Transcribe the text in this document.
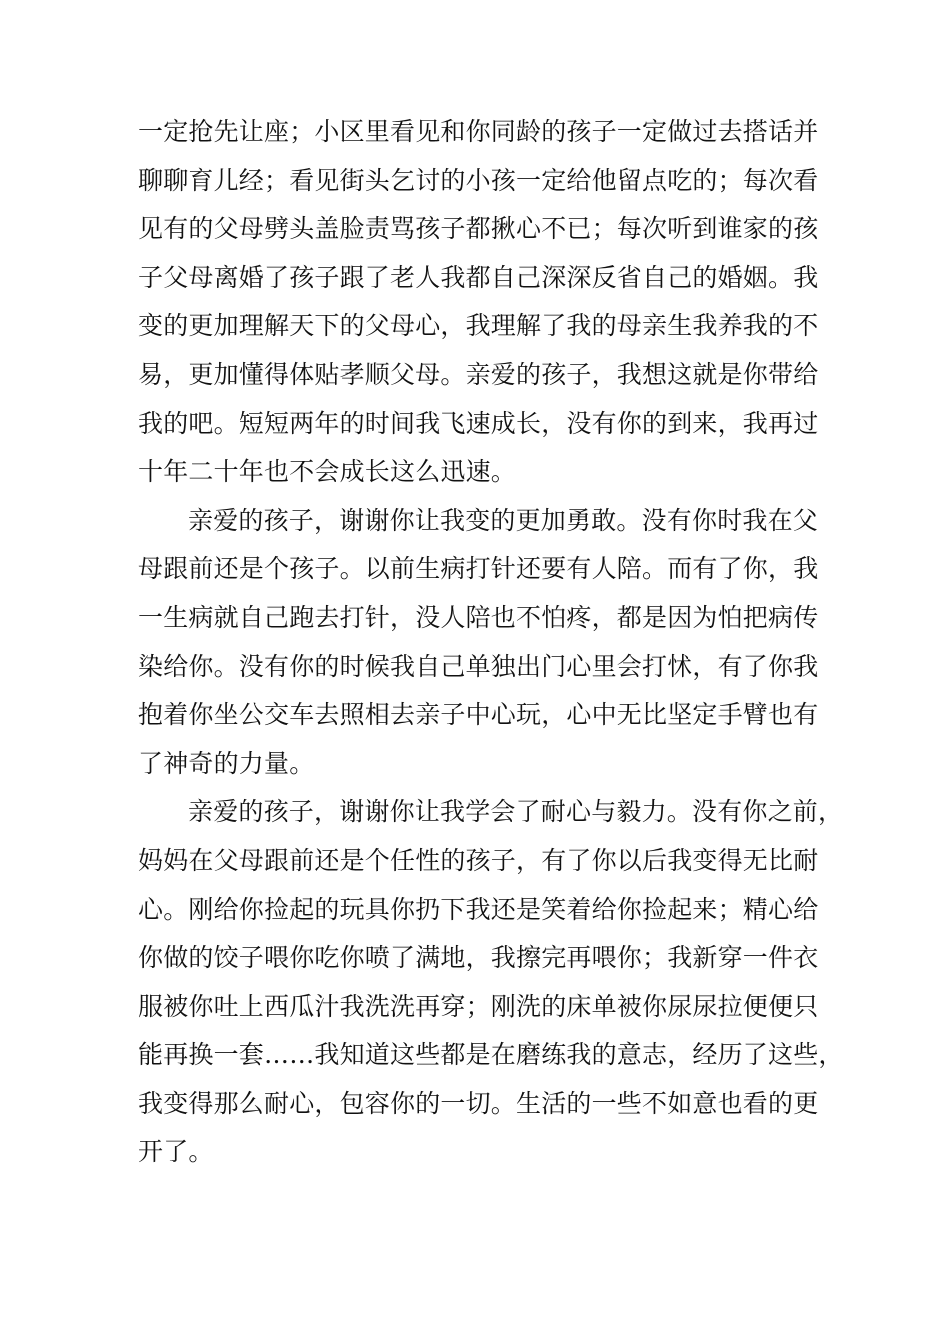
一定抢先让座；小区里看见和你同龄的孩子一定做过去搭话并
聊聊育儿经；看见街头乞讨的小孩一定给他留点吃的；每次看
见有的父母劈头盖脸责骂孩子都揪心不已；每次听到谁家的孩
子父母离婚了孩子跟了老人我都自己深深反省自己的婚姻。我
变的更加理解天下的父母心，我理解了我的母亲生我养我的不
易，更加懂得体贴孝顺父母。亲爱的孩子，我想这就是你带给
我的吧。短短两年的时间我飞速成长，没有你的到来，我再过
十年二十年也不会成长这么迅速。
亲爱的孩子，谢谢你让我变的更加勇敢。没有你时我在父
母跟前还是个孩子。以前生病打针还要有人陪。而有了你，我
一生病就自己跑去打针，没人陪也不怕疼，都是因为怕把病传
染给你。没有你的时候我自己单独出门心里会打怵，有了你我
抱着你坐公交车去照相去亲子中心玩，心中无比坚定手臂也有
了神奇的力量。
亲爱的孩子，谢谢你让我学会了耐心与毅力。没有你之前，
妈妈在父母跟前还是个任性的孩子，有了你以后我变得无比耐
心。刚给你捡起的玩具你扔下我还是笑着给你捡起来；精心给
你做的饺子喂你吃你喷了满地，我擦完再喂你；我新穿一件衣
服被你吐上西瓜汁我洗洗再穿；刚洗的床单被你尿尿拉便便只
能再换一套……我知道这些都是在磨练我的意志，经历了这些，
我变得那么耐心，包容你的一切。生活的一些不如意也看的更
开了。
